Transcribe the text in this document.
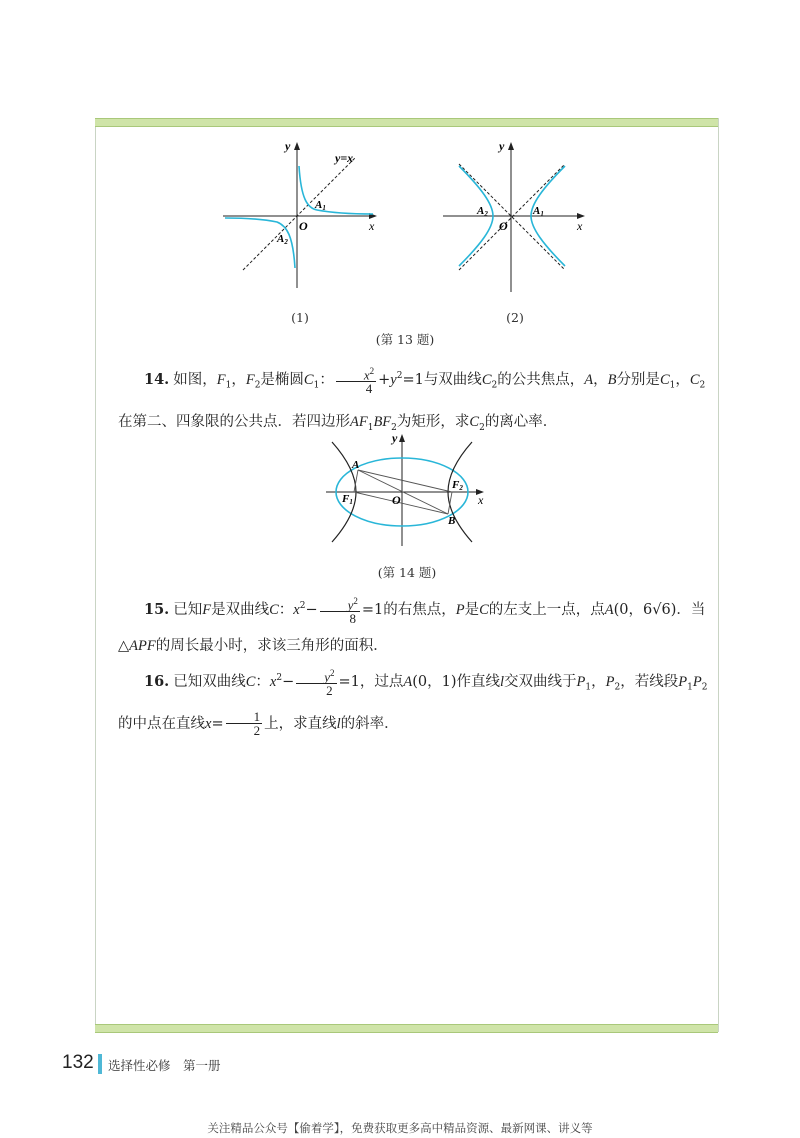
y
x
O
y=x
A1
A2
(1)
y
x
O
A1
A2
(2)
(第 13 题)
14. 如图，$F_1$，$F_2$是椭圆$C_1$： $\frac{x^2}{4} +y^2=1$与双曲线$C_2$的公共焦点，A，B分别是$C_1$，$C_2$在第二、四象限的公共点．若四边形$AF_1BF_2$为矩形，求$C_2$的离心率．
y
x
O
A
B
F1
F2
(第 14 题)
15. 已知F是双曲线C：$x^2- \frac{y^2}{8} =1$的右焦点，P是C的左支上一点，点A(0，6√6)．当△APF的周长最小时，求该三角形的面积．
16. 已知双曲线C：$x^2- \frac{y^2}{2} =1$，过点A(0，1)作直线l交双曲线于$P_1$，$P_2$，若线段$P_1P_2$的中点在直线$x= \frac{1}{2}$ 上，求直线l的斜率．
132 选择性必修　第一册
关注精品公众号【偷着学】，免费获取更多高中精品资源、最新网课、讲义等
